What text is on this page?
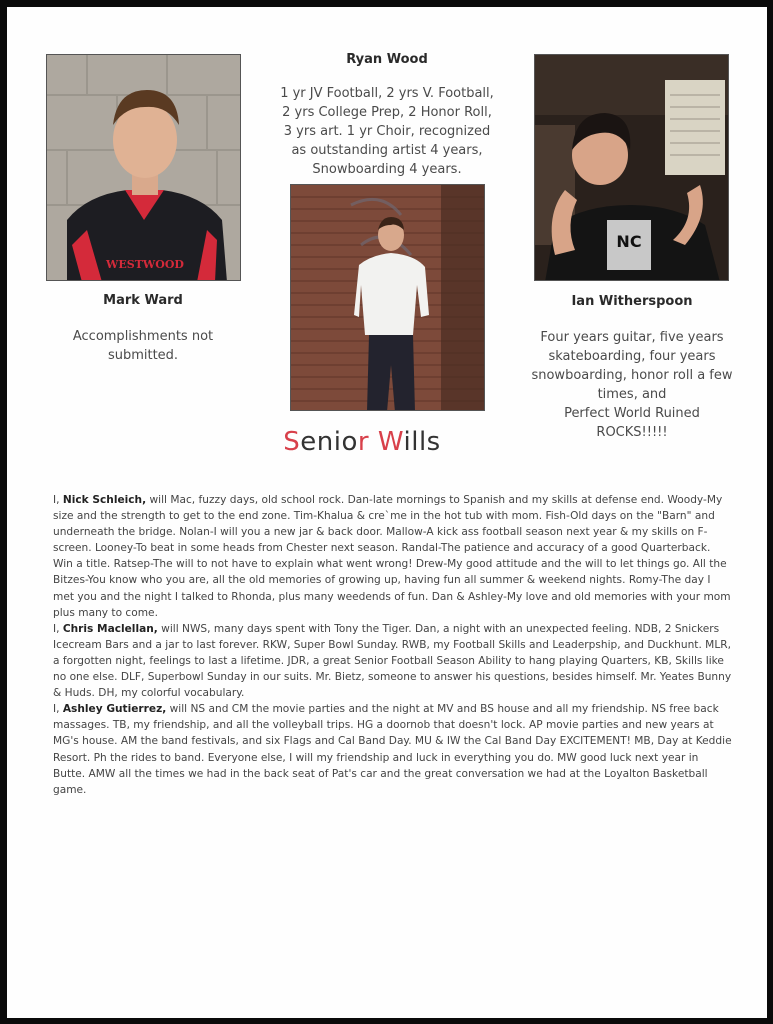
WESTWOOD
NC
Ryan Wood
1 yr JV Football, 2 yrs V. Football,
2 yrs College Prep, 2 Honor Roll,
3 yrs art. 1 yr Choir, recognized
as outstanding artist 4 years,
Snowboarding 4 years.
Mark Ward
Accomplishments not
submitted.
Ian Witherspoon
Four years guitar, five years
skateboarding, four years
snowboarding, honor roll a few
times, and
Perfect World Ruined
ROCKS!!!!!
Senior Wills

I, Nick Schleich, will Mac, fuzzy days, old school rock. Dan-late mornings to Spanish and my skills at defense end. Woody-My size and the strength to get to the end zone. Tim-Khalua & cre`me in the hot tub with mom. Fish-Old days on the "Barn" and underneath the bridge. Nolan-I will you a new jar & back door. Mallow-A kick ass football season next year & my skills on F-screen. Looney-To beat in some heads from Chester next season. Randal-The patience and accuracy of a good Quarterback. Win a title. Ratsep-The will to not have to explain what went wrong! Drew-My good attitude and the will to let things go. All the Bitzes-You know who you are, all the old memories of growing up, having fun all summer & weekend nights. Romy-The day I met you and the night I talked to Rhonda, plus many weedends of fun. Dan & Ashley-My love and old memories with your mom plus many to come.

I, Chris Maclellan, will NWS, many days spent with Tony the Tiger. Dan, a night with an unexpected feeling. NDB, 2 Snickers Icecream Bars and a jar to last forever. RKW, Super Bowl Sunday. RWB, my Football Skills and Leaderpship, and Duckhunt. MLR, a forgotten night, feelings to last a lifetime. JDR, a great Senior Football Season Ability to hang playing Quarters, KB, Skills like no one else. DLF, Superbowl Sunday in our suits. Mr. Bietz, someone to answer his questions, besides himself. Mr. Yeates Bunny & Huds. DH, my colorful vocabulary.

I, Ashley Gutierrez, will NS and CM the movie parties and the night at MV and BS house and all my friendship. NS free back massages. TB, my friendship, and all the volleyball trips. HG a doornob that doesn't lock. AP movie parties and new years at MG's house. AM the band festivals, and six Flags and Cal Band Day. MU & IW the Cal Band Day EXCITEMENT! MB, Day at Keddie Resort. Ph the rides to band. Everyone else, I will my friendship and luck in everything you do. MW good luck next year in Butte. AMW all the times we had in the back seat of Pat's car and the great conversation we had at the Loyalton Basketball game.
